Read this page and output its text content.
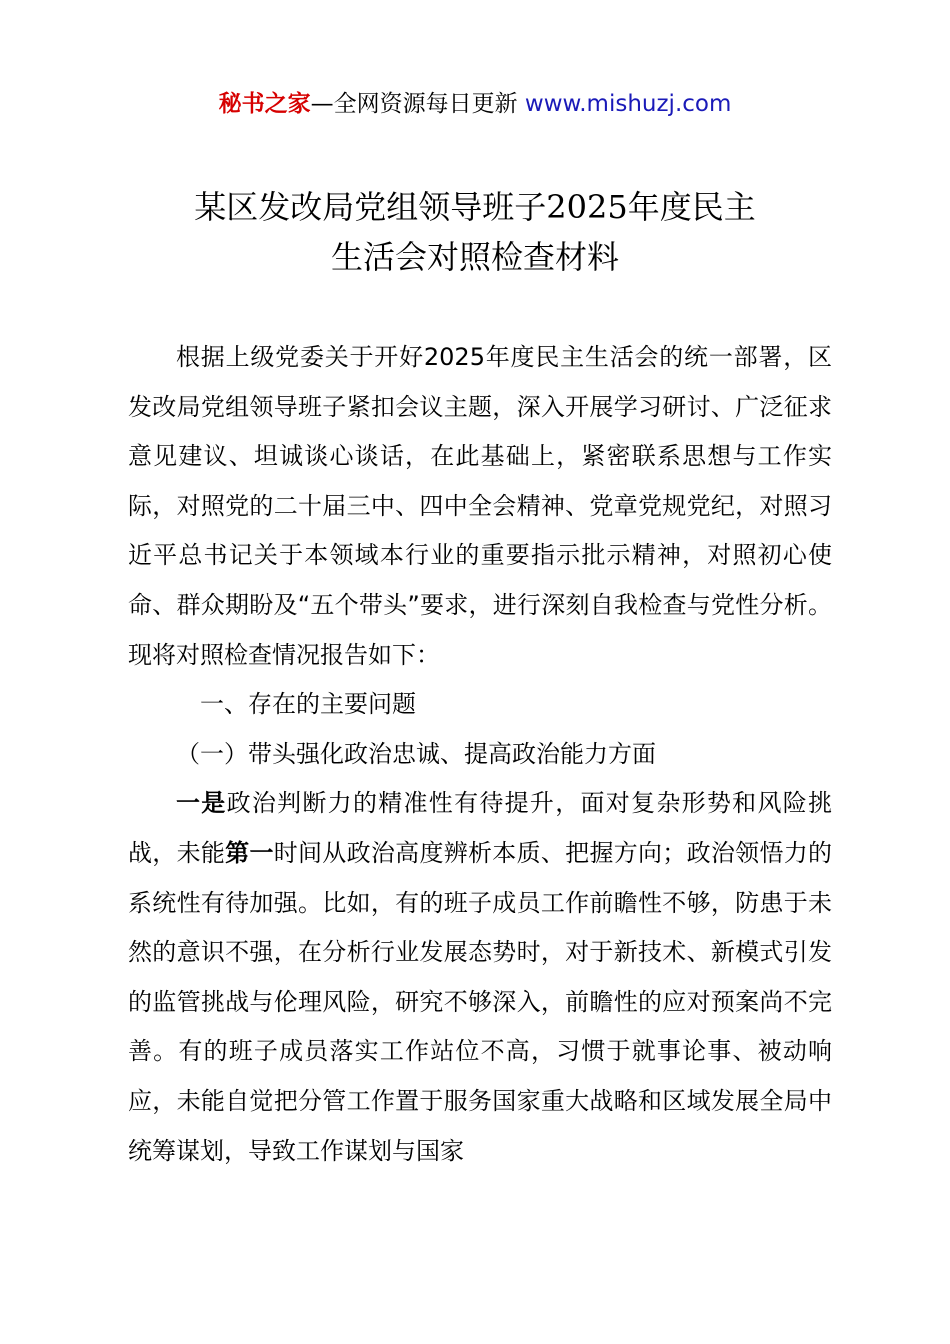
秘书之家—全网资源每日更新 www.mishuzj.com
某区发改局党组领导班子2025年度民主
生活会对照检查材料

根据上级党委关于开好2025年度民主生活会的统一部署，区发改局党组领导班子紧扣会议主题，深入开展学习研讨、广泛征求意见建议、坦诚谈心谈话，在此基础上，紧密联系思想与工作实际，对照党的二十届三中、四中全会精神、党章党规党纪，对照习近平总书记关于本领域本行业的重要指示批示精神，对照初心使命、群众期盼及“五个带头”要求，进行深刻自我检查与党性分析。现将对照检查情况报告如下：

一、存在的主要问题

（一）带头强化政治忠诚、提高政治能力方面

一是政治判断力的精准性有待提升，面对复杂形势和风险挑战，未能第一时间从政治高度辨析本质、把握方向；政治领悟力的系统性有待加强。比如，有的班子成员工作前瞻性不够，防患于未然的意识不强，在分析行业发展态势时，对于新技术、新模式引发的监管挑战与伦理风险，研究不够深入，前瞻性的应对预案尚不完善。有的班子成员落实工作站位不高，习惯于就事论事、被动响应，未能自觉把分管工作置于服务国家重大战略和区域发展全局中统筹谋划，导致工作谋划与国家
